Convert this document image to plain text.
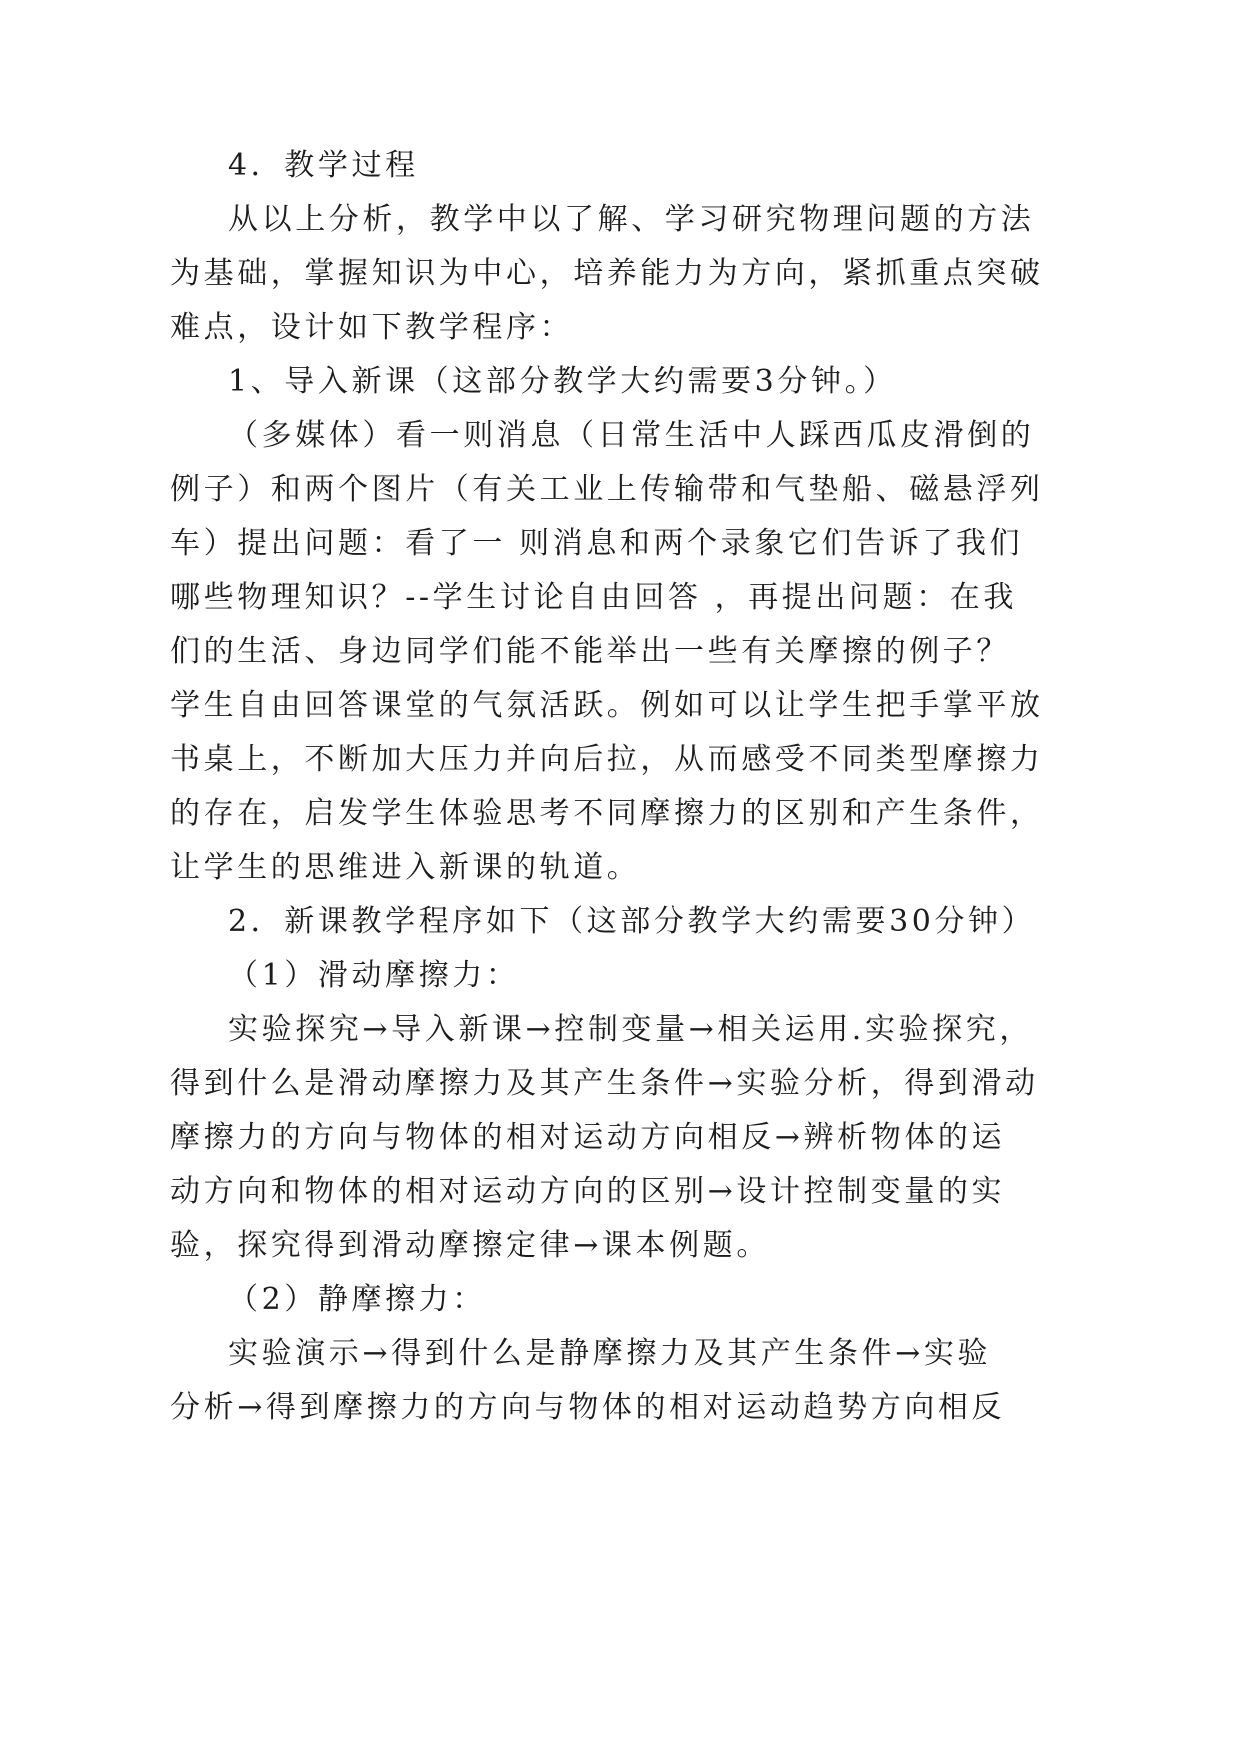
4．教学过程
从以上分析，教学中以了解、学习研究物理问题的方法
为基础，掌握知识为中心，培养能力为方向，紧抓重点突破
难点，设计如下教学程序：
1、导入新课（这部分教学大约需要3分钟。）
（多媒体）看一则消息（日常生活中人踩西瓜皮滑倒的
例子）和两个图片（有关工业上传输带和气垫船、磁悬浮列
车）提出问题：看了一 则消息和两个录象它们告诉了我们
哪些物理知识？--学生讨论自由回答 ，再提出问题：在我
们的生活、身边同学们能不能举出一些有关摩擦的例子？
学生自由回答课堂的气氛活跃。例如可以让学生把手掌平放
书桌上，不断加大压力并向后拉，从而感受不同类型摩擦力
的存在，启发学生体验思考不同摩擦力的区别和产生条件，
让学生的思维进入新课的轨道。
2．新课教学程序如下（这部分教学大约需要30分钟）
（1）滑动摩擦力：
实验探究→导入新课→控制变量→相关运用.实验探究，
得到什么是滑动摩擦力及其产生条件→实验分析，得到滑动
摩擦力的方向与物体的相对运动方向相反→辨析物体的运
动方向和物体的相对运动方向的区别→设计控制变量的实
验，探究得到滑动摩擦定律→课本例题。
（2）静摩擦力：
实验演示→得到什么是静摩擦力及其产生条件→实验
分析→得到摩擦力的方向与物体的相对运动趋势方向相反
